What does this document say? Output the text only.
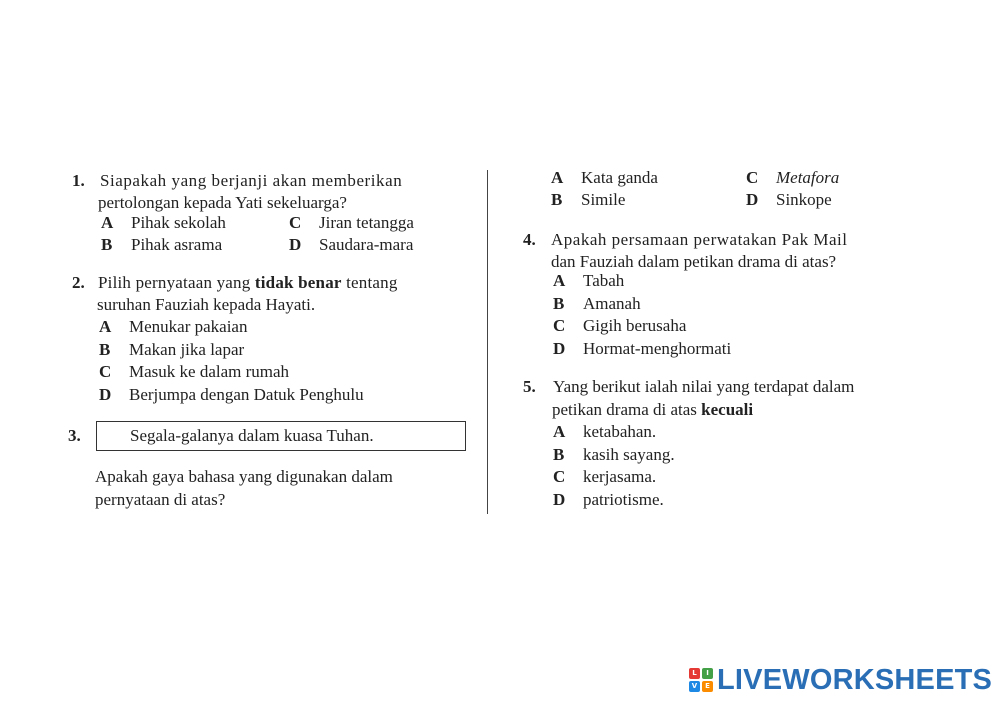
1. Siapakah yang berjanji akan memberikan
pertolongan kepada Yati sekeluarga?
A Pihak sekolah	C Jiran tetangga
B Pihak asrama	D Saudara-mara
2. Pilih pernyataan yang tidak benar tentang
suruhan Fauziah kepada Hayati.
A Menukar pakaian
B Makan jika lapar
C Masuk ke dalam rumah
D Berjumpa dengan Datuk Penghulu
3.	Segala-galanya dalam kuasa Tuhan.
Apakah gaya bahasa yang digunakan dalam
pernyataan di atas?
A Kata ganda	C Metafora
B Simile	D Sinkope
4. Apakah persamaan perwatakan Pak Mail
dan Fauziah dalam petikan drama di atas?
A Tabah
B Amanah
C Gigih berusaha
D Hormat-menghormati
5. Yang berikut ialah nilai yang terdapat dalam
petikan drama di atas kecuali
A ketabahan.
B kasih sayang.
C kerjasama.
D patriotisme.
L	I
V	E LIVEWORKSHEETS
